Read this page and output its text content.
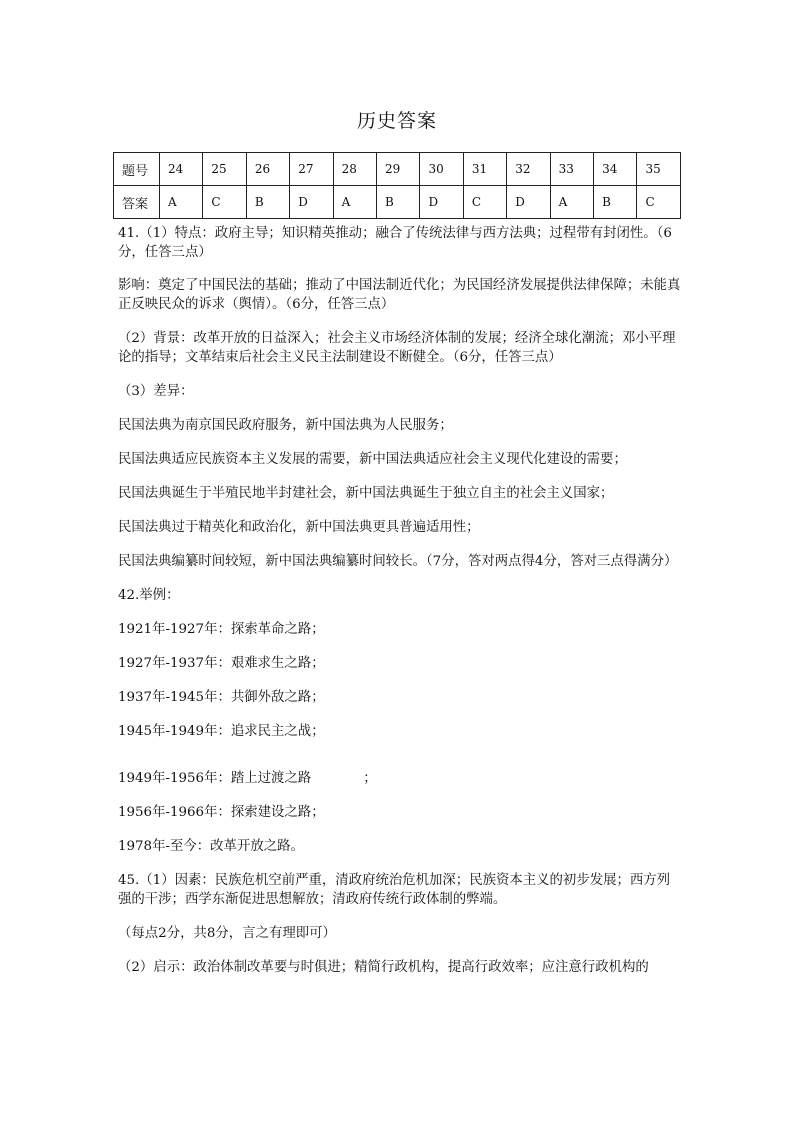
历史答案
题号	24	25	26	27	28	29	30	31	32	33	34	35
答案	A	C	B	D	A	B	D	C	D	A	B	C

41.（1）特点：政府主导；知识精英推动；融合了传统法律与西方法典；过程带有封闭性。（6分，任答三点）

影响：奠定了中国民法的基础；推动了中国法制近代化；为民国经济发展提供法律保障；未能真正反映民众的诉求（舆情）。（6分，任答三点）

（2）背景：改革开放的日益深入；社会主义市场经济体制的发展；经济全球化潮流；邓小平理论的指导；文革结束后社会主义民主法制建设不断健全。（6分，任答三点）

（3）差异：

民国法典为南京国民政府服务，新中国法典为人民服务；

民国法典适应民族资本主义发展的需要，新中国法典适应社会主义现代化建设的需要；

民国法典诞生于半殖民地半封建社会，新中国法典诞生于独立自主的社会主义国家；

民国法典过于精英化和政治化，新中国法典更具普遍适用性；

民国法典编纂时间较短，新中国法典编纂时间较长。（7分，答对两点得4分，答对三点得满分）

42.举例：

1921年-1927年：探索革命之路；

1927年-1937年：艰难求生之路；

1937年-1945年：共御外敌之路；

1945年-1949年：追求民主之战；

1949年-1956年：踏上过渡之路	；

1956年-1966年：探索建设之路；

1978年-至今：改革开放之路。

45.（1）因素：民族危机空前严重，清政府统治危机加深；民族资本主义的初步发展；西方列强的干涉；西学东渐促进思想解放；清政府传统行政体制的弊端。

（每点2分，共8分，言之有理即可）

（2）启示：政治体制改革要与时俱进；精简行政机构，提高行政效率；应注意行政机构的
